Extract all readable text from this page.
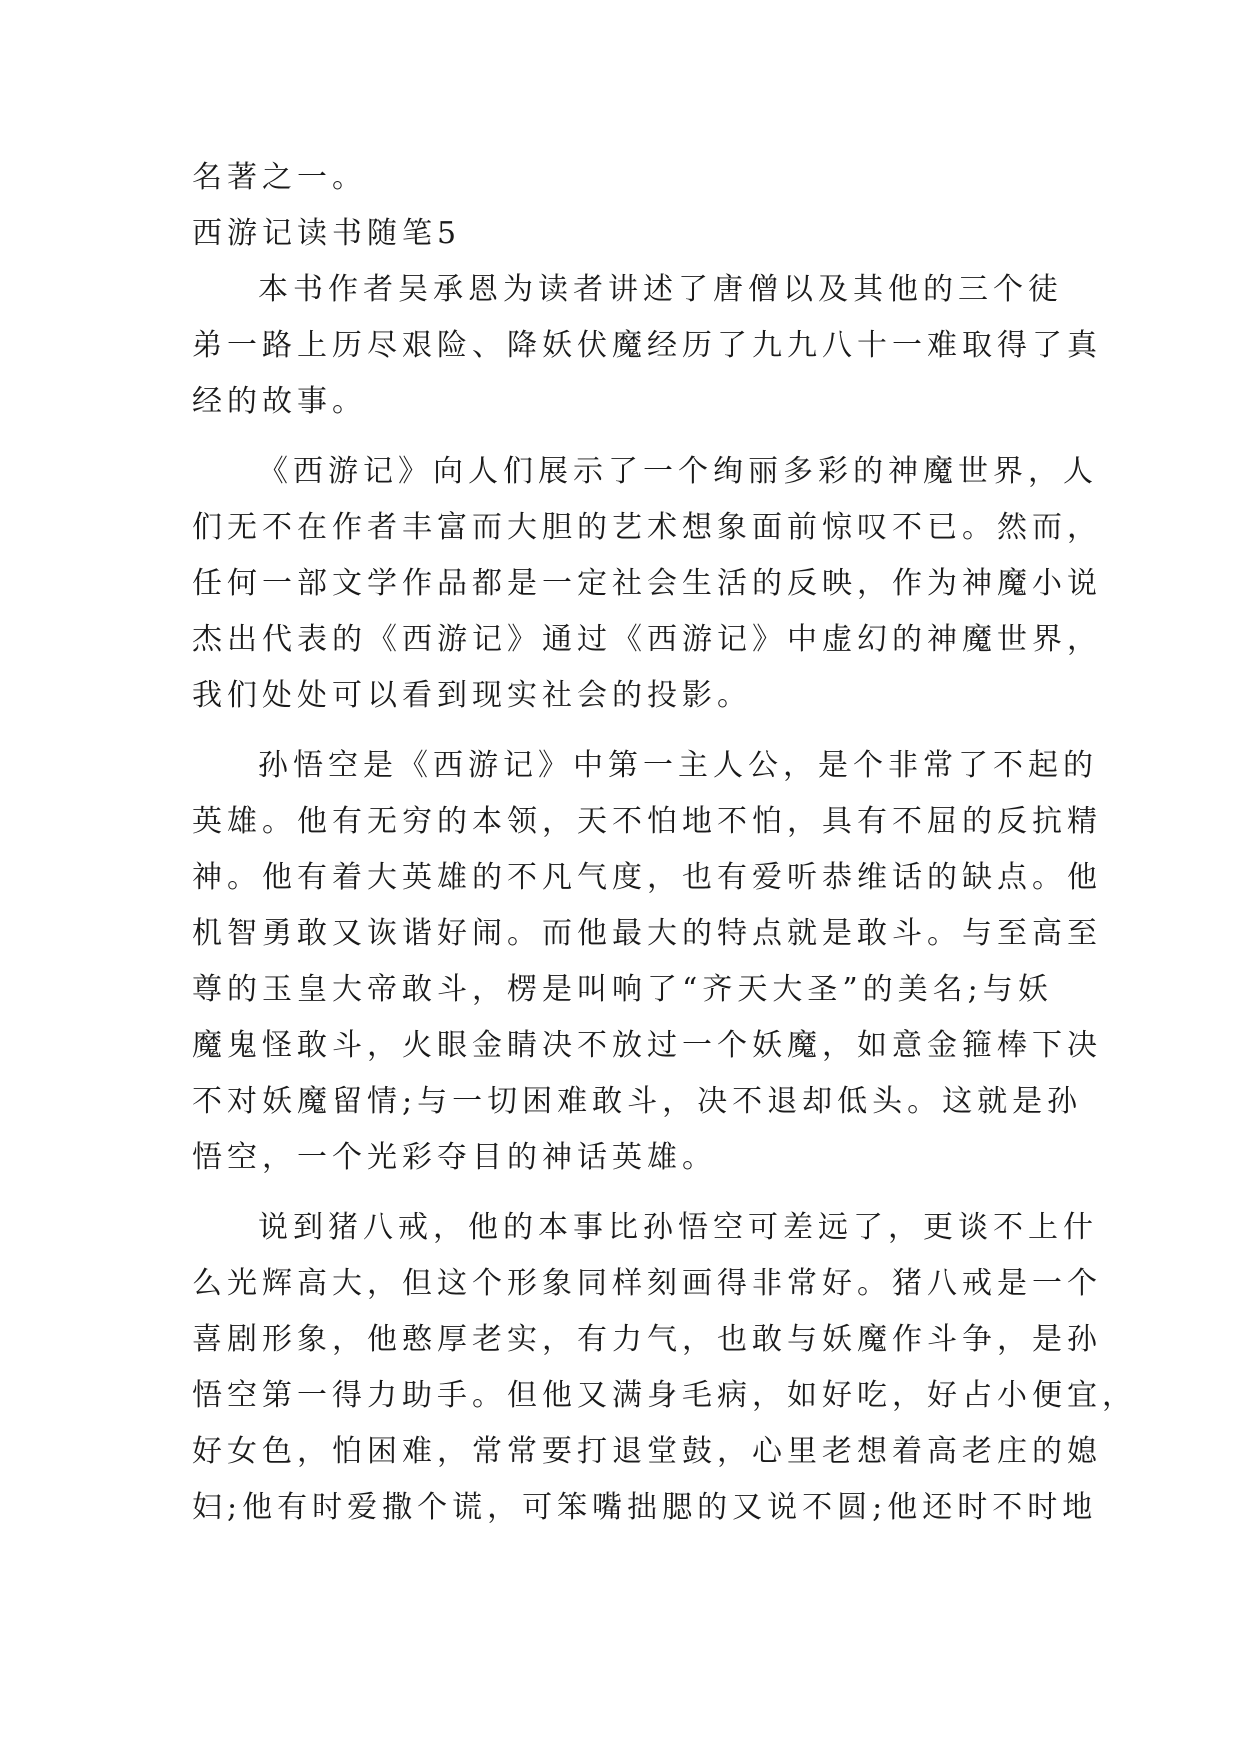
名著之一。
西游记读书随笔5
本书作者吴承恩为读者讲述了唐僧以及其他的三个徒
弟一路上历尽艰险、降妖伏魔经历了九九八十一难取得了真
经的故事。
《西游记》向人们展示了一个绚丽多彩的神魔世界，人
们无不在作者丰富而大胆的艺术想象面前惊叹不已。然而，
任何一部文学作品都是一定社会生活的反映，作为神魔小说
杰出代表的《西游记》通过《西游记》中虚幻的神魔世界，
我们处处可以看到现实社会的投影。
孙悟空是《西游记》中第一主人公，是个非常了不起的
英雄。他有无穷的本领，天不怕地不怕，具有不屈的反抗精
神。他有着大英雄的不凡气度，也有爱听恭维话的缺点。他
机智勇敢又诙谐好闹。而他最大的特点就是敢斗。与至高至
尊的玉皇大帝敢斗，楞是叫响了“齐天大圣”的美名;与妖
魔鬼怪敢斗，火眼金睛决不放过一个妖魔，如意金箍棒下决
不对妖魔留情;与一切困难敢斗，决不退却低头。这就是孙
悟空，一个光彩夺目的神话英雄。
说到猪八戒，他的本事比孙悟空可差远了，更谈不上什
么光辉高大，但这个形象同样刻画得非常好。猪八戒是一个
喜剧形象，他憨厚老实，有力气，也敢与妖魔作斗争，是孙
悟空第一得力助手。但他又满身毛病，如好吃，好占小便宜，
好女色，怕困难，常常要打退堂鼓，心里老想着高老庄的媳
妇;他有时爱撒个谎，可笨嘴拙腮的又说不圆;他还时不时地
